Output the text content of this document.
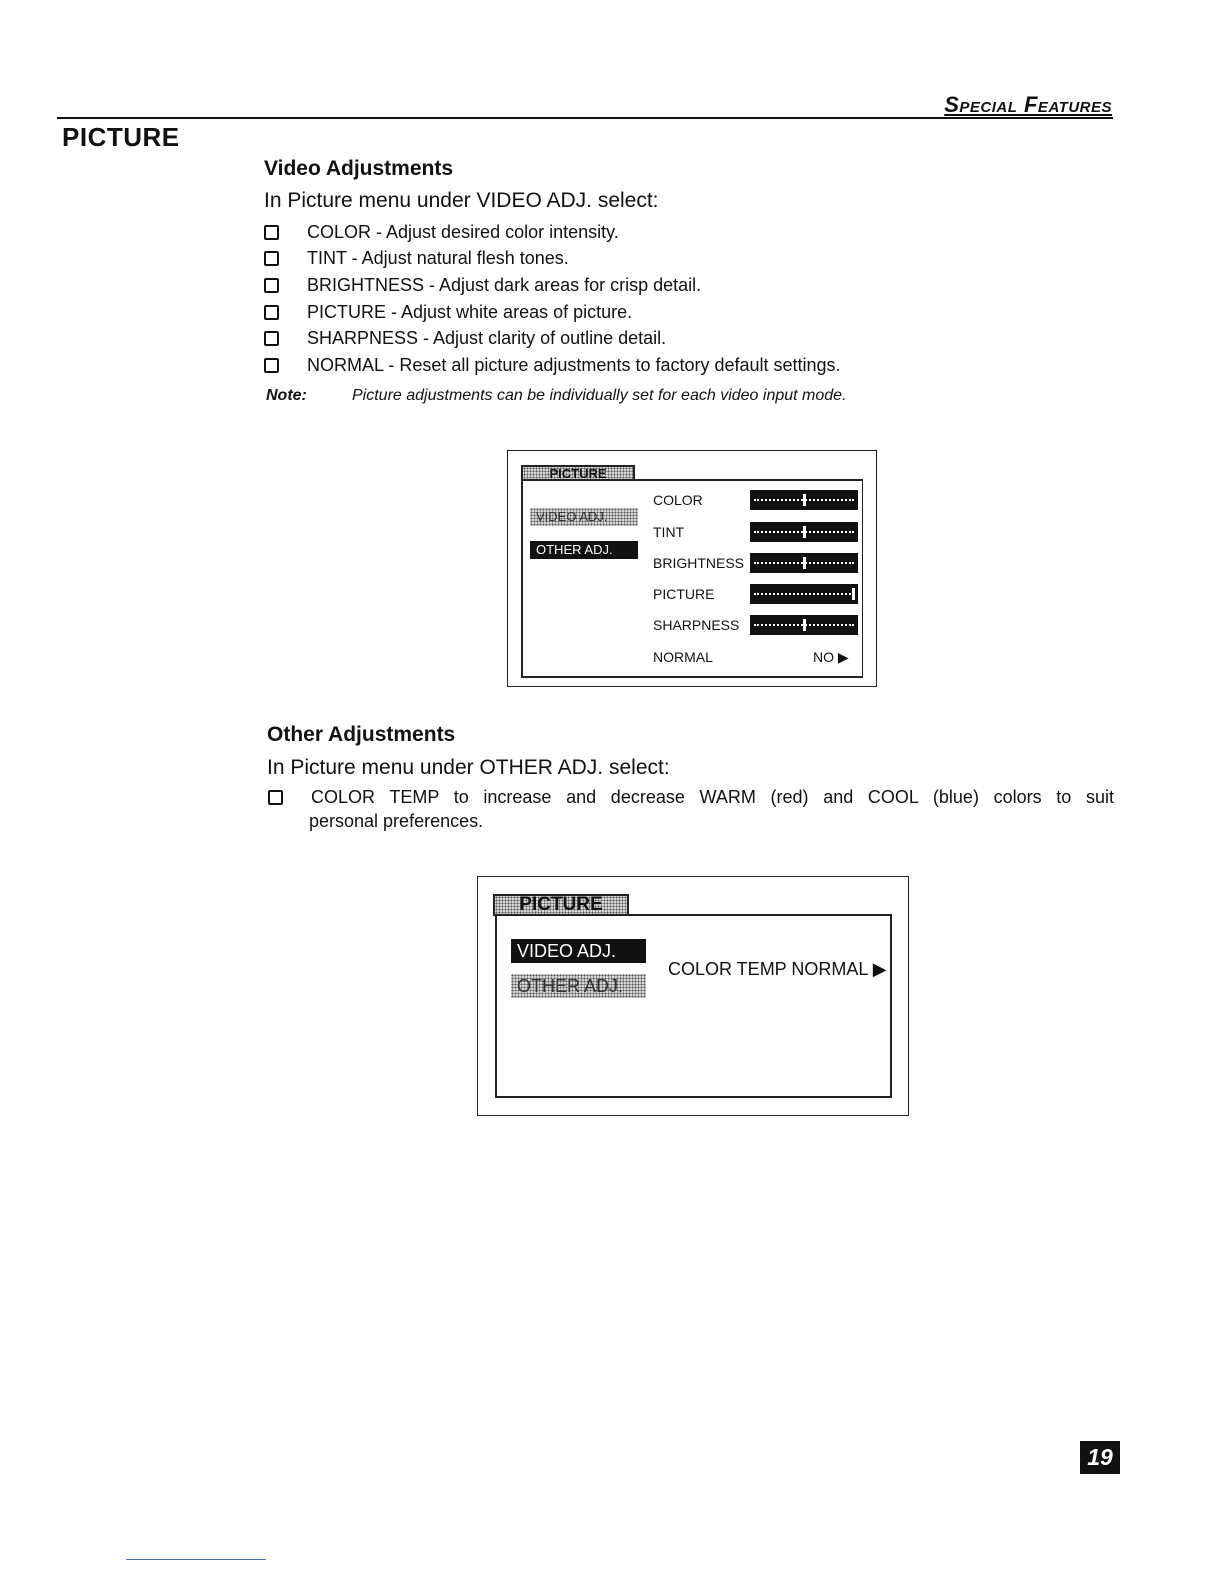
Special Features
PICTURE
Video Adjustments
In Picture menu under VIDEO ADJ. select:
COLOR - Adjust desired color intensity.
TINT - Adjust natural flesh tones.
BRIGHTNESS - Adjust dark areas for crisp detail.
PICTURE - Adjust white areas of picture.
SHARPNESS - Adjust clarity of outline detail.
NORMAL - Reset all picture adjustments to factory default settings.
Note:	Picture adjustments can be individually set for each video input mode.
PICTURE
VIDEO ADJ.
OTHER ADJ.
COLOR
TINT
BRIGHTNESS
PICTURE
SHARPNESS
NORMAL	NO ▶
Other Adjustments
In Picture menu under OTHER ADJ. select:
COLOR TEMP to increase and decrease WARM (red) and COOL (blue) colors to suit
personal preferences.
PICTURE
VIDEO ADJ.
OTHER ADJ.
COLOR TEMP NORMAL ▶
19
